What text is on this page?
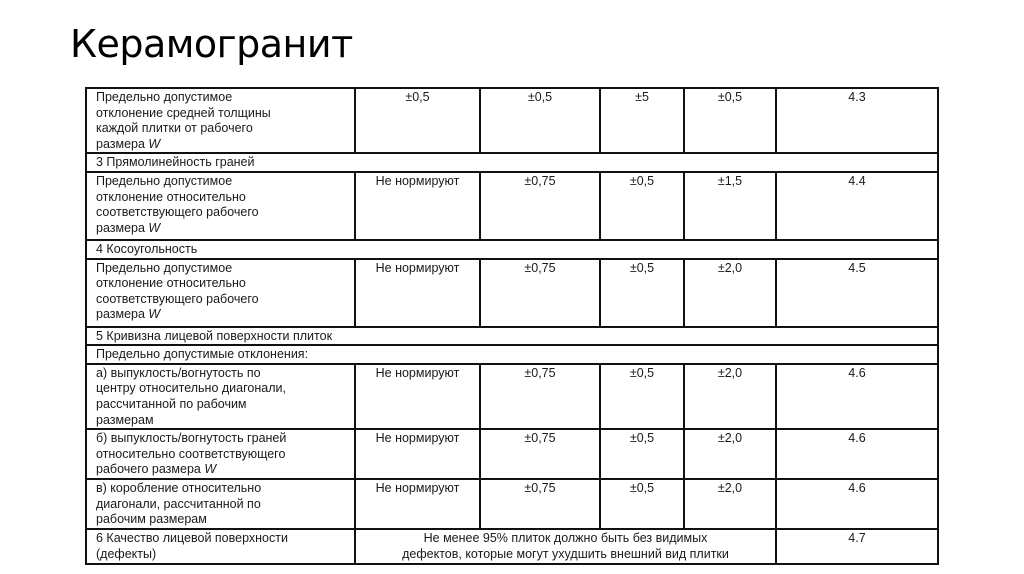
Керамогранит
Предельно допустимое
отклонение средней толщины
каждой плитки от рабочего
размера W	±0,5	±0,5	±5	±0,5	4.3
3 Прямолинейность граней					
Предельно допустимое
отклонение относительно
соответствующего рабочего
размера W	Не нормируют	±0,75	±0,5	±1,5	4.4
4 Косоугольность					
Предельно допустимое
отклонение относительно
соответствующего рабочего
размера W	Не нормируют	±0,75	±0,5	±2,0	4.5
5 Кривизна лицевой поверхности плиток					
Предельно допустимые отклонения:					
а) выпуклость/вогнутость по
центру относительно диагонали,
рассчитанной по рабочим
размерам	Не нормируют	±0,75	±0,5	±2,0	4.6
б) выпуклость/вогнутость граней
относительно соответствующего
рабочего размера W	Не нормируют	±0,75	±0,5	±2,0	4.6
в) коробление относительно
диагонали, рассчитанной по
рабочим размерам	Не нормируют	±0,75	±0,5	±2,0	4.6
6 Качество лицевой поверхности
(дефекты)	Не менее 95% плиток должно быть без видимых
дефектов, которые могут ухудшить внешний вид плитки				4.7
